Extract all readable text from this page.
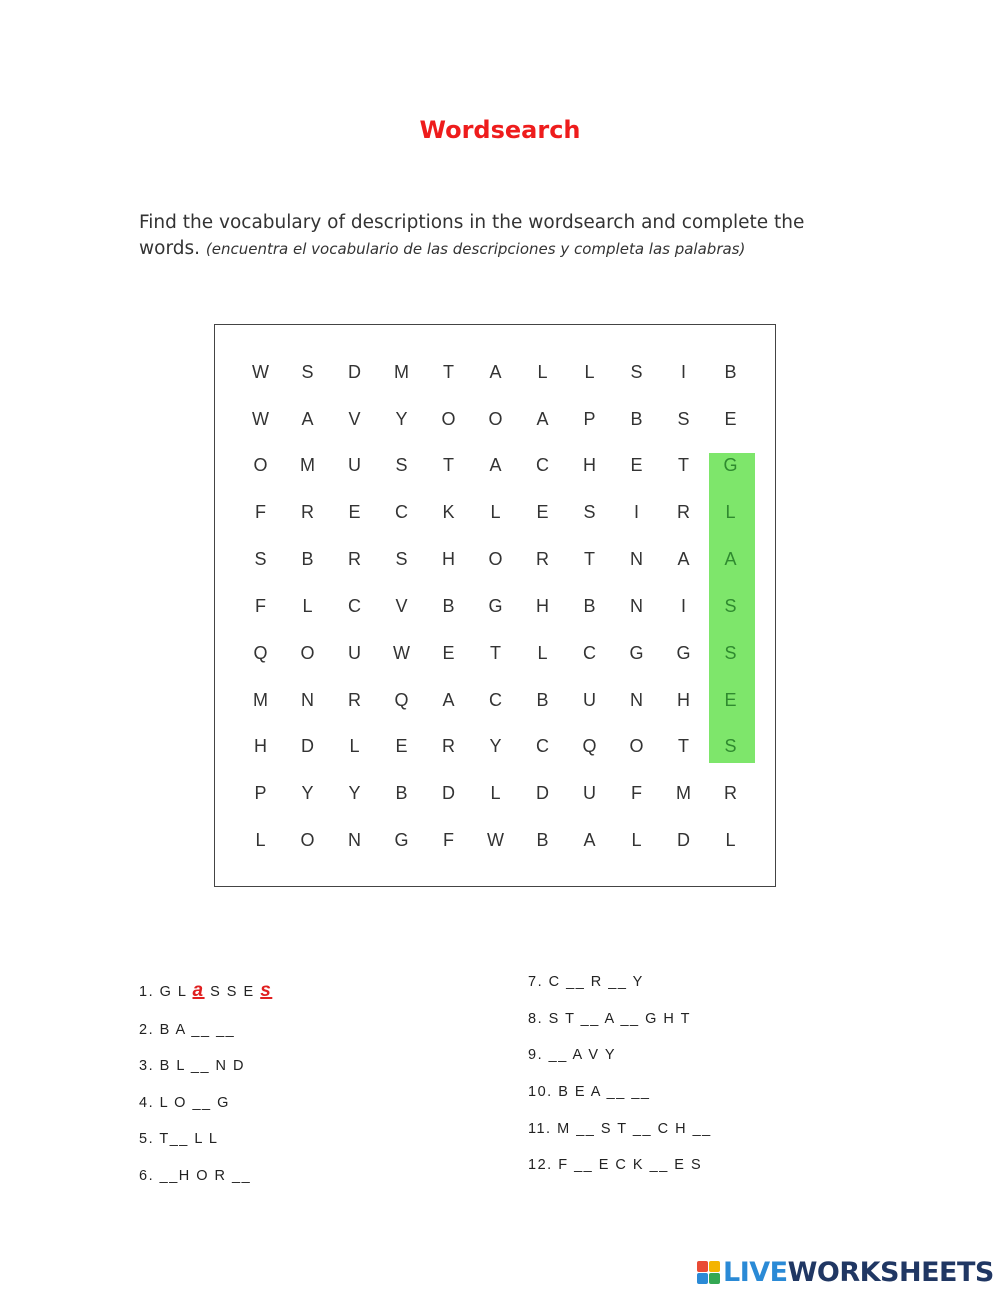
Wordsearch
Find the vocabulary of descriptions in the wordsearch and complete the words. (encuentra el vocabulario de las descripciones y completa las palabras)
W	S	D	M	T	A	L	L	S	I	B
W	A	V	Y	O	O	A	P	B	S	E
O	M	U	S	T	A	C	H	E	T	G
F	R	E	C	K	L	E	S	I	R	L
S	B	R	S	H	O	R	T	N	A	A
F	L	C	V	B	G	H	B	N	I	S
Q	O	U	W	E	T	L	C	G	G	S
M	N	R	Q	A	C	B	U	N	H	E
H	D	L	E	R	Y	C	Q	O	T	S
P	Y	Y	B	D	L	D	U	F	M	R
L	O	N	G	F	W	B	A	L	D	L
1. G L a S S E s
2. B A __ __
3. B L __ N D
4. L O __ G
5. T__ L L
6. __H O R __
7. C __ R __ Y
8. S T __ A __ G H T
9. __ A V Y
10. B E A __ __
11. M __ S T __ C H __
12. F __ E C K __ E S
LIVEWORKSHEETS
